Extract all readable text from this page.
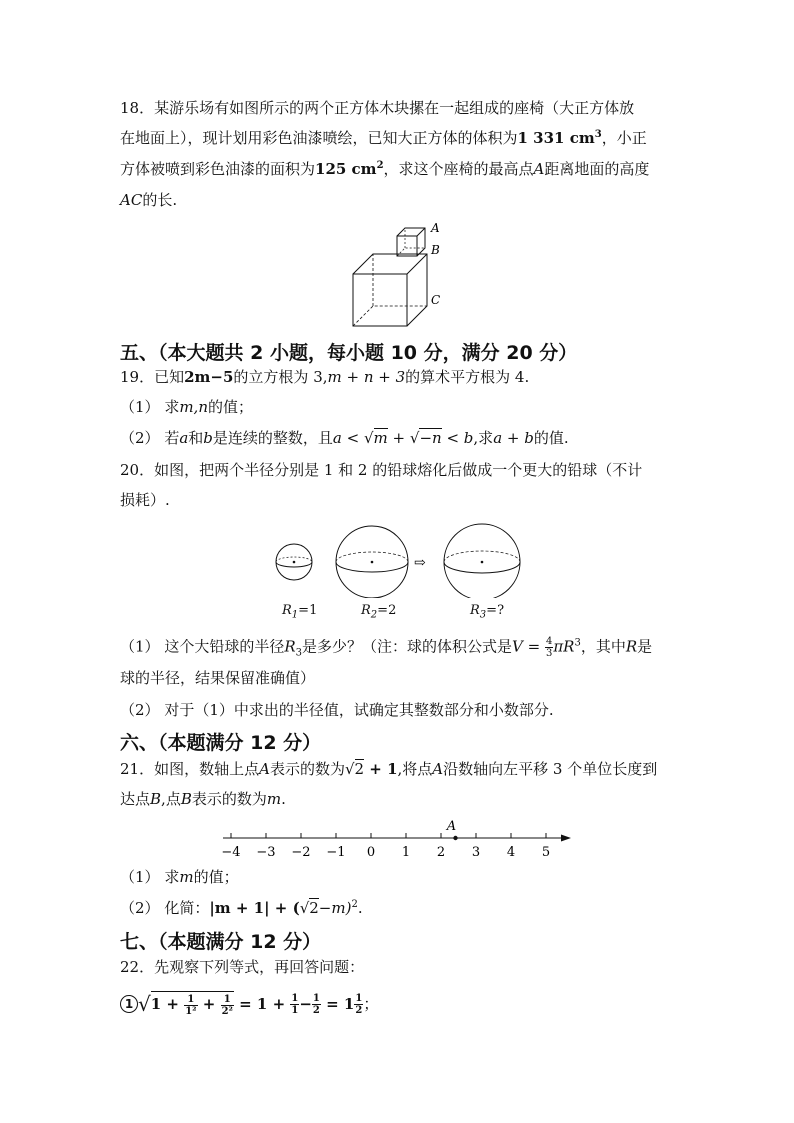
18．某游乐场有如图所示的两个正方体木块摞在一起组成的座椅（大正方体放
在地面上），现计划用彩色油漆喷绘，已知大正方体的体积为1 331 $cm^3$，小正
方体被喷到彩色油漆的面积为125 $cm^2$，求这个座椅的最高点A距离地面的高度
AC的长.
A
B
C
五、（本大题共 2 小题，每小题 10 分，满分 20 分）
19．已知2m−5的立方根为 3,m + n + 3的算术平方根为 4.
（1） 求m,n的值；
（2） 若a和b是连续的整数，且a < √m + √−n < b,求a + b的值.
20．如图，把两个半径分别是 1 和 2 的铅球熔化后做成一个更大的铅球（不计
损耗）.
⇨
$R_1=1$	$R_2=2$	$R_3=$?
（1） 这个大铅球的半径$R_3$是多少？（注：球的体积公式是$V = \frac{4}{3} \pi R^3$，其中R是
球的半径，结果保留准确值）
（2） 对于（1）中求出的半径值，试确定其整数部分和小数部分.
六、（本题满分 12 分）
21．如图，数轴上点A表示的数为√2 + 1,将点A沿数轴向左平移 3 个单位长度到
达点B,点B表示的数为m.
−4 −3 −2 −1 0 1 2 3 4 5
A
（1） 求m的值；
（2） 化简：$|m + 1| + (√2-m)^2$.
七、（本题满分 12 分）
22．先观察下列等式，再回答问题：
1 $√1 + \frac{1}{\text{1²}} + \frac{1}{\text{2²}} = 1 + \frac{1}{1} - \frac{1}{2} = 1 \frac{1}{2}$ ；
